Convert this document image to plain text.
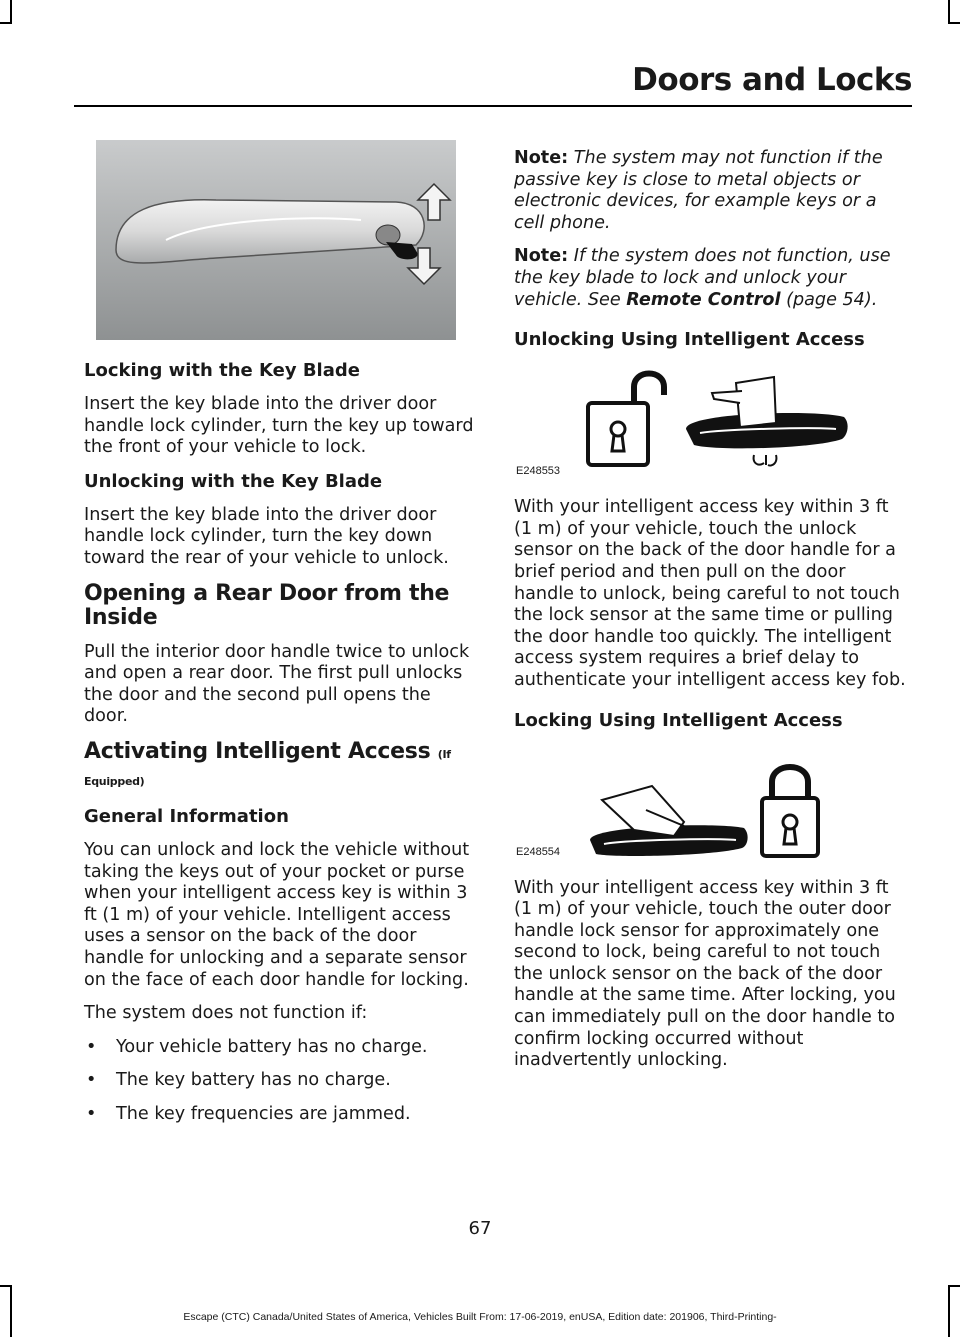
Doors and Locks

Locking with the Key Blade

Insert the key blade into the driver door handle lock cylinder, turn the key up toward the front of your vehicle to lock.

Unlocking with the Key Blade

Insert the key blade into the driver door handle lock cylinder, turn the key down toward the rear of your vehicle to unlock.

Opening a Rear Door from the Inside

Pull the interior door handle twice to unlock and open a rear door. The first pull unlocks the door and the second pull opens the door.

Activating Intelligent Access (If Equipped)

General Information

You can unlock and lock the vehicle without taking the keys out of your pocket or purse when your intelligent access key is within 3 ft (1 m) of your vehicle. Intelligent access uses a sensor on the back of the door handle for unlocking and a separate sensor on the face of each door handle for locking.

The system does not function if:

• Your vehicle battery has no charge.

• The key battery has no charge.

• The key frequencies are jammed.

Note: The system may not function if the passive key is close to metal objects or electronic devices, for example keys or a cell phone.

Note: If the system does not function, use the key blade to lock and unlock your vehicle. See Remote Control (page 54).

Unlocking Using Intelligent Access

E248553

With your intelligent access key within 3 ft (1 m) of your vehicle, touch the unlock sensor on the back of the door handle for a brief period and then pull on the door handle to unlock, being careful to not touch the lock sensor at the same time or pulling the door handle too quickly. The intelligent access system requires a brief delay to authenticate your intelligent access key fob.

Locking Using Intelligent Access

E248554

With your intelligent access key within 3 ft (1 m) of your vehicle, touch the outer door handle lock sensor for approximately one second to lock, being careful to not touch the unlock sensor on the back of the door handle at the same time. After locking, you can immediately pull on the door handle to confirm locking occurred without inadvertently unlocking.

67
Escape (CTC) Canada/United States of America, Vehicles Built From: 17-06-2019, enUSA, Edition date: 201906, Third-Printing-
